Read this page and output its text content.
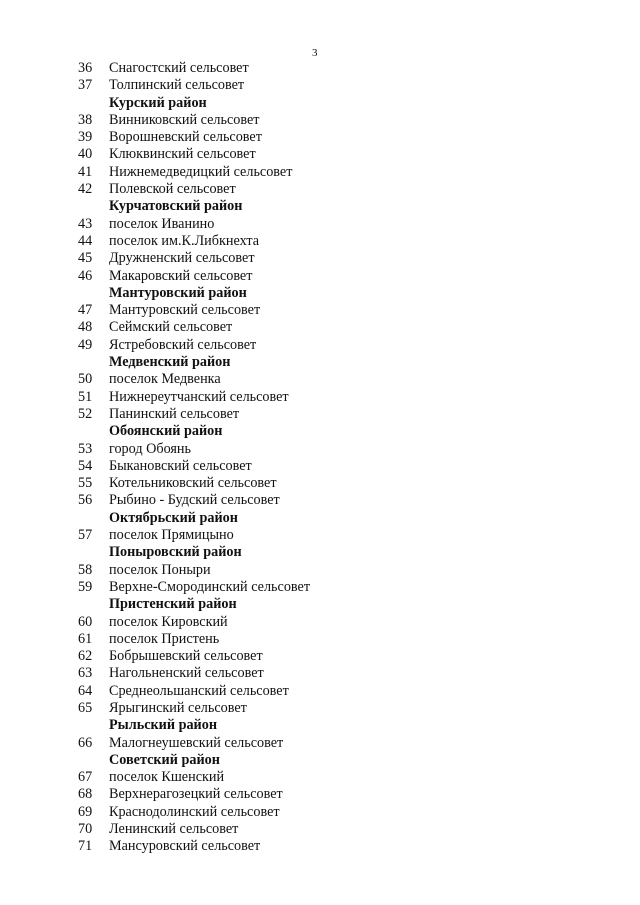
3
36	Снагостский сельсовет
37	Толпинский сельсовет
Курский район
38	Винниковский сельсовет
39	Ворошневский сельсовет
40	Клюквинский сельсовет
41	Нижнемедведицкий сельсовет
42	Полевской сельсовет
Курчатовский район
43	поселок Иванино
44	поселок им.К.Либкнехта
45	Дружненский сельсовет
46	Макаровский сельсовет
Мантуровский район
47	Мантуровский сельсовет
48	Сеймский сельсовет
49	Ястребовский сельсовет
Медвенский район
50	поселок Медвенка
51	Нижнереутчанский сельсовет
52	Панинский сельсовет
Обоянский район
53	город Обоянь
54	Быкановский сельсовет
55	Котельниковский сельсовет
56	Рыбино - Будский сельсовет
Октябрьский район
57	поселок Прямицыно
Поныровский район
58	поселок Поныри
59	Верхне-Смородинский сельсовет
Пристенский район
60	поселок Кировский
61	поселок Пристень
62	Бобрышевский сельсовет
63	Нагольненский сельсовет
64	Среднеольшанский сельсовет
65	Ярыгинский сельсовет
Рыльский район
66	Малогнеушевский сельсовет
Советский район
67	поселок Кшенский
68	Верхнерагозецкий сельсовет
69	Краснодолинский сельсовет
70	Ленинский сельсовет
71	Мансуровский сельсовет
